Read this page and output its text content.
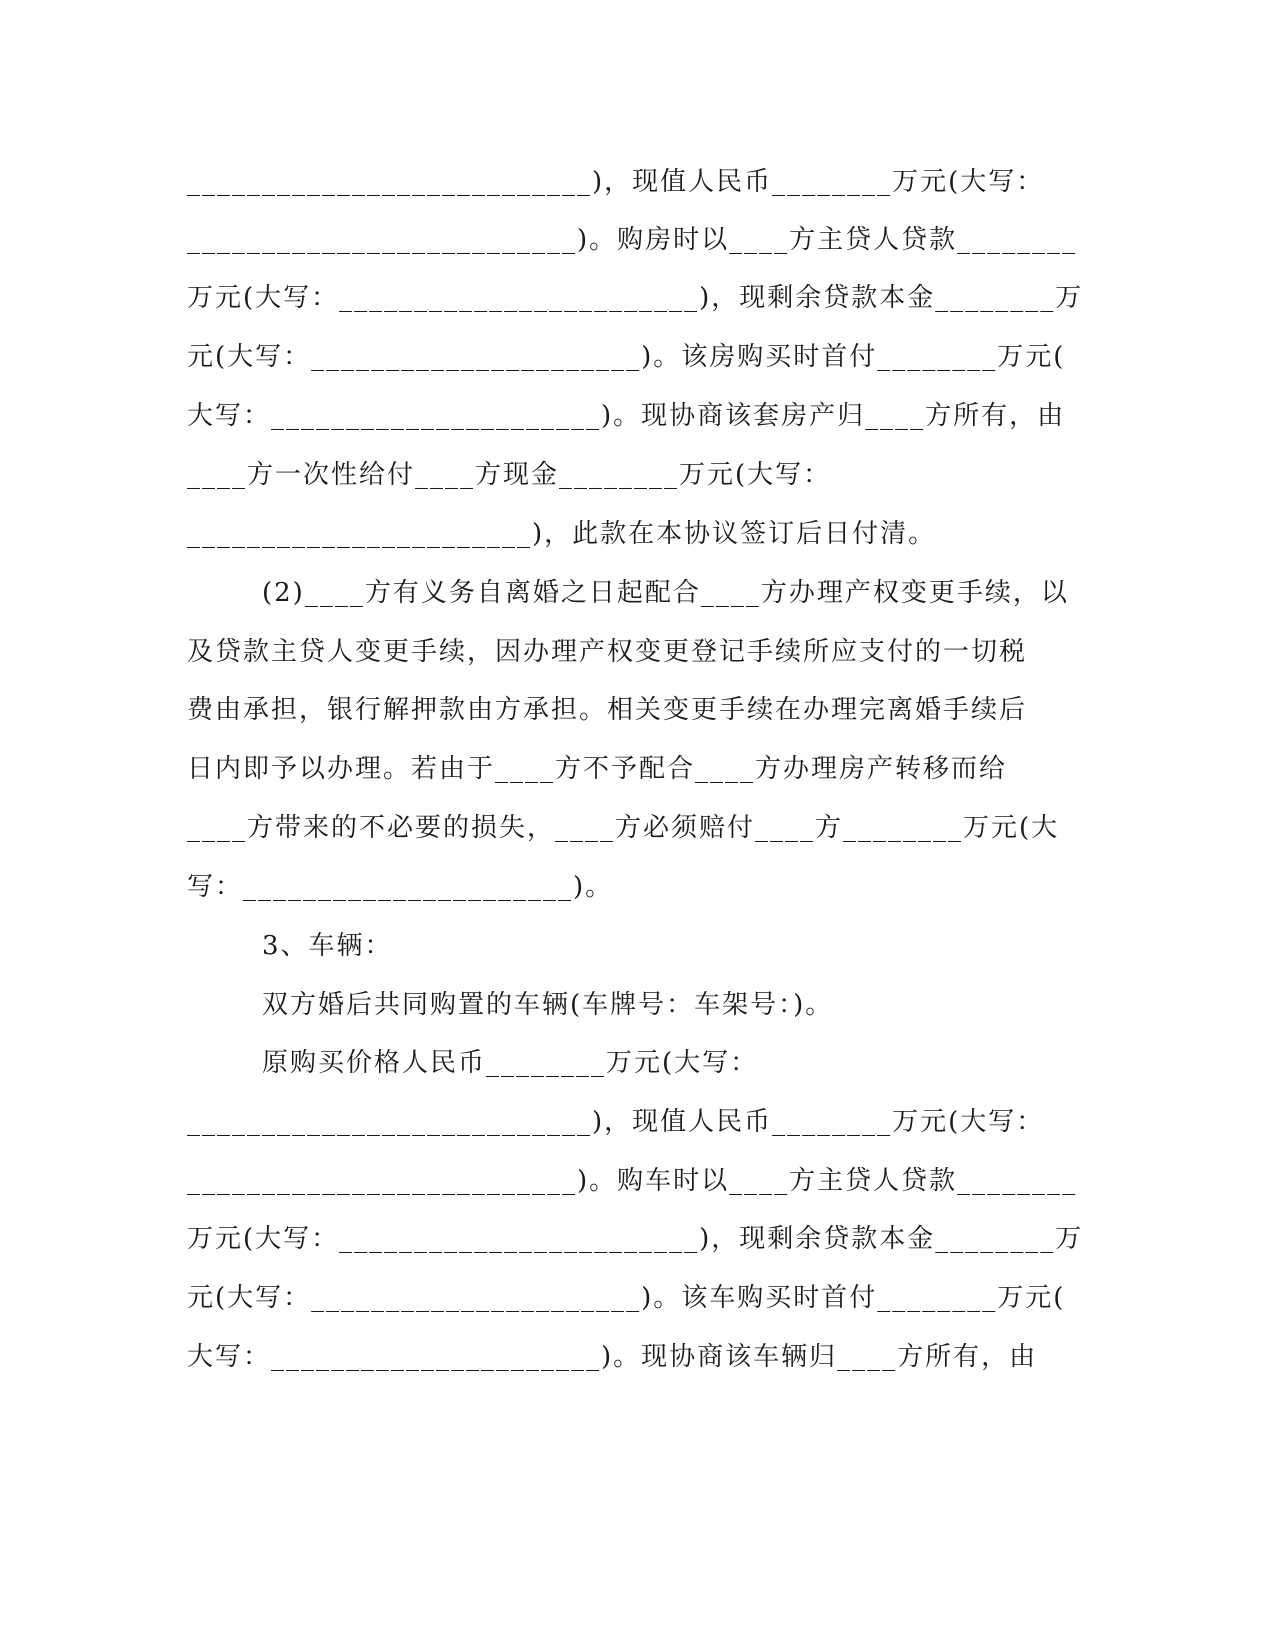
___________________________)，现值人民币________万元(大写：
__________________________)。购房时以____方主贷人贷款________
万元(大写：________________________)，现剩余贷款本金________万
元(大写：______________________)。该房购买时首付________万元(
大写：______________________)。现协商该套房产归____方所有，由
____方一次性给付____方现金________万元(大写：
_______________________)，此款在本协议签订后日付清。
(2)____方有义务自离婚之日起配合____方办理产权变更手续，以
及贷款主贷人变更手续，因办理产权变更登记手续所应支付的一切税
费由承担，银行解押款由方承担。相关变更手续在办理完离婚手续后
日内即予以办理。若由于____方不予配合____方办理房产转移而给
____方带来的不必要的损失，____方必须赔付____方________万元(大
写：______________________)。
3、车辆：
双方婚后共同购置的车辆(车牌号：车架号：)。
原购买价格人民币________万元(大写：
___________________________)，现值人民币________万元(大写：
__________________________)。购车时以____方主贷人贷款________
万元(大写：________________________)，现剩余贷款本金________万
元(大写：______________________)。该车购买时首付________万元(
大写：______________________)。现协商该车辆归____方所有，由
